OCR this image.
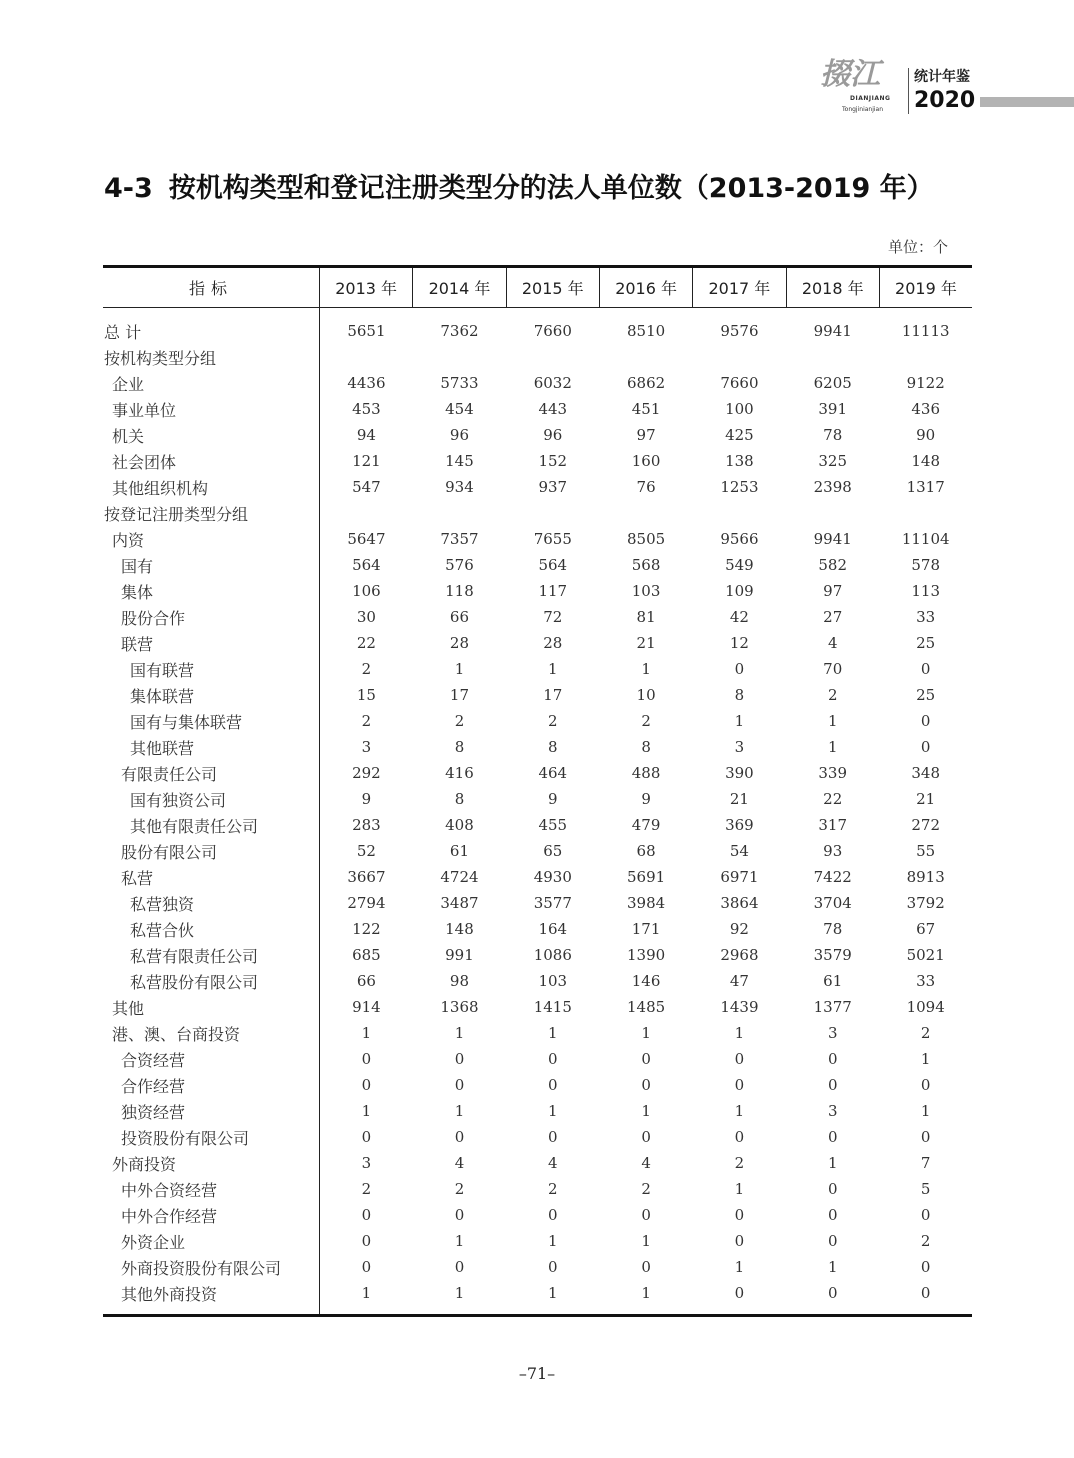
掇江
DIANJIANG
Tongjinianjian
统计年鉴
2020
4-3 按机构类型和登记注册类型分的法人单位数（2013-2019 年）
单位：个
指标	2013 年	2014 年	2015 年	2016 年	2017 年	2018 年	2019 年
总 计	5651	7362	7660	8510	9576	9941	11113
按机构类型分组							
企业	4436	5733	6032	6862	7660	6205	9122
事业单位	453	454	443	451	100	391	436
机关	94	96	96	97	425	78	90
社会团体	121	145	152	160	138	325	148
其他组织机构	547	934	937	76	1253	2398	1317
按登记注册类型分组							
内资	5647	7357	7655	8505	9566	9941	11104
国有	564	576	564	568	549	582	578
集体	106	118	117	103	109	97	113
股份合作	30	66	72	81	42	27	33
联营	22	28	28	21	12	4	25
国有联营	2	1	1	1	0	70	0
集体联营	15	17	17	10	8	2	25
国有与集体联营	2	2	2	2	1	1	0
其他联营	3	8	8	8	3	1	0
有限责任公司	292	416	464	488	390	339	348
国有独资公司	9	8	9	9	21	22	21
其他有限责任公司	283	408	455	479	369	317	272
股份有限公司	52	61	65	68	54	93	55
私营	3667	4724	4930	5691	6971	7422	8913
私营独资	2794	3487	3577	3984	3864	3704	3792
私营合伙	122	148	164	171	92	78	67
私营有限责任公司	685	991	1086	1390	2968	3579	5021
私营股份有限公司	66	98	103	146	47	61	33
其他	914	1368	1415	1485	1439	1377	1094
港、澳、台商投资	1	1	1	1	1	3	2
合资经营	0	0	0	0	0	0	1
合作经营	0	0	0	0	0	0	0
独资经营	1	1	1	1	1	3	1
投资股份有限公司	0	0	0	0	0	0	0
外商投资	3	4	4	4	2	1	7
中外合资经营	2	2	2	2	1	0	5
中外合作经营	0	0	0	0	0	0	0
外资企业	0	1	1	1	0	0	2
外商投资股份有限公司	0	0	0	0	1	1	0
其他外商投资	1	1	1	1	0	0	0
–71–
